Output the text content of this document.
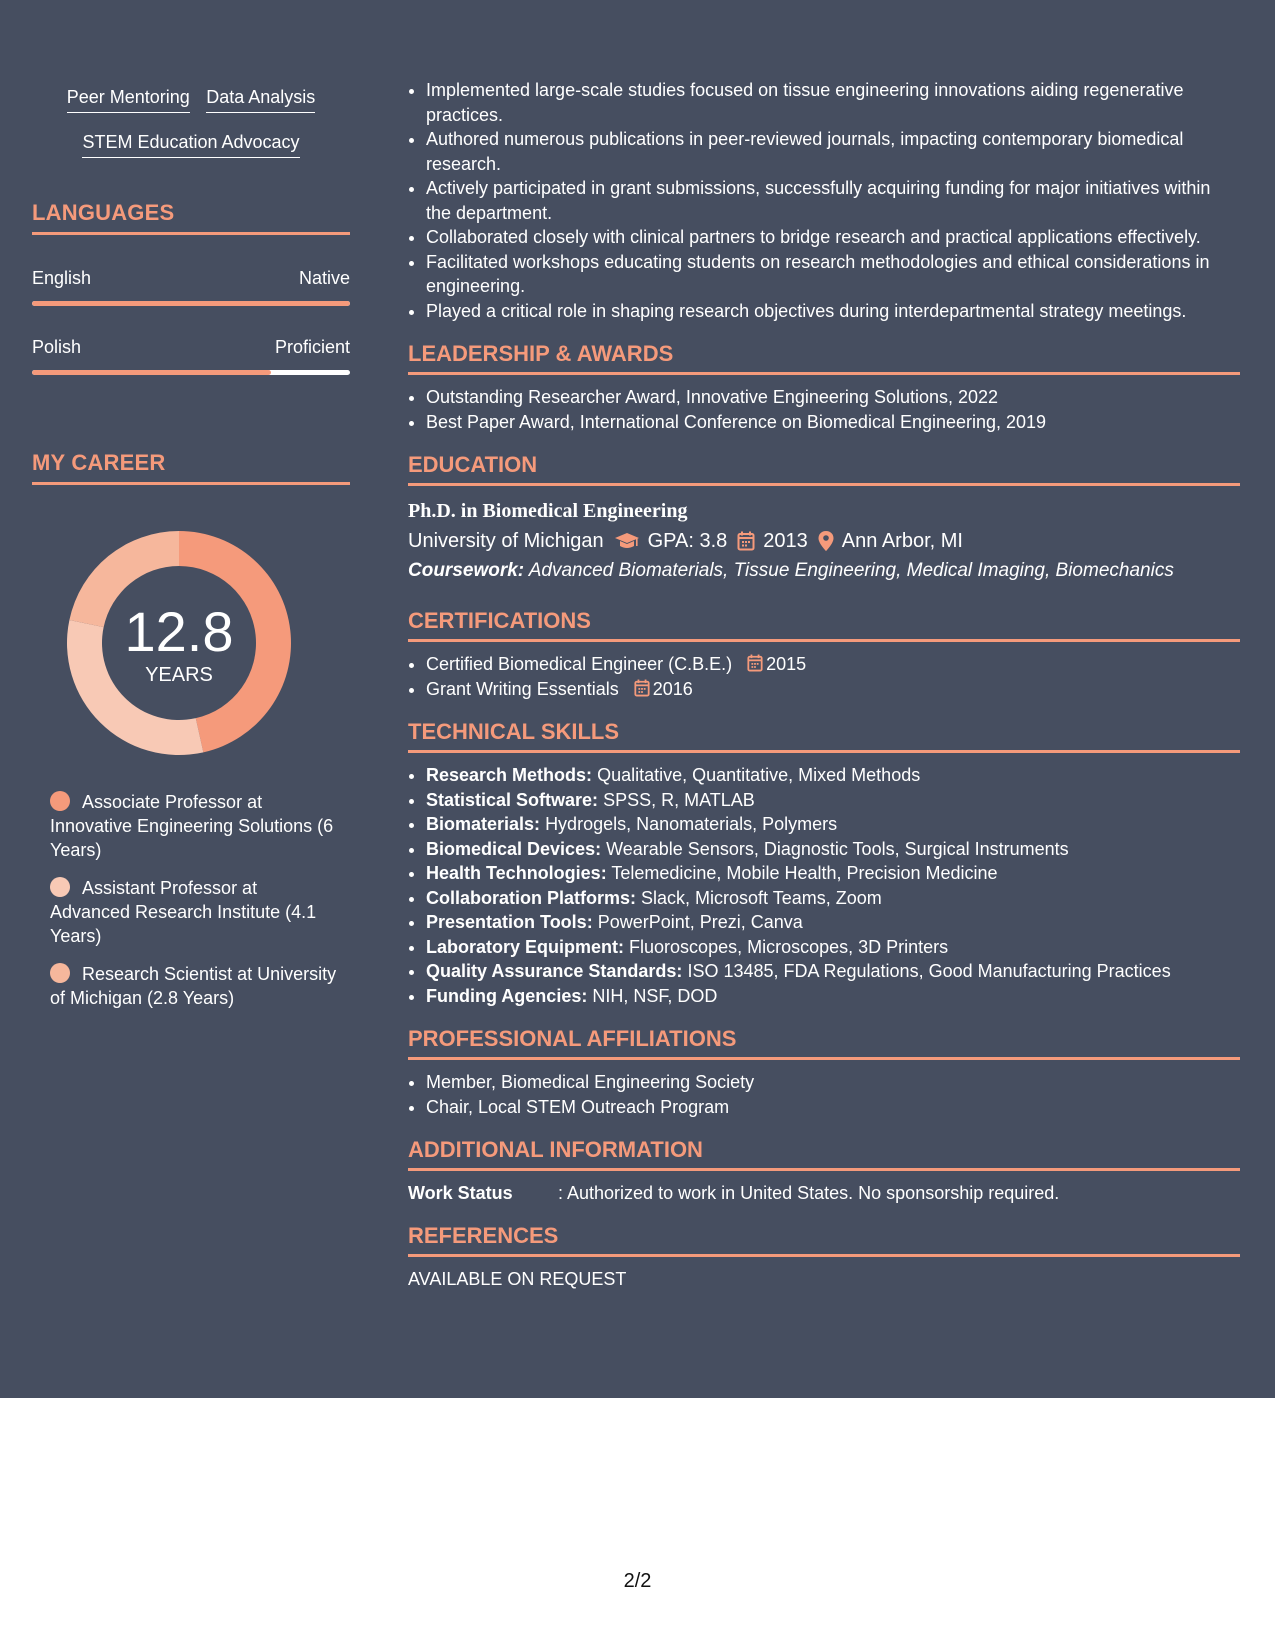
Peer Mentoring Data Analysis
STEM Education Advocacy
LANGUAGES
English	Native
Polish	Proficient
MY CAREER
12.8
YEARS
Associate Professor at Innovative Engineering Solutions (6 Years)
Assistant Professor at Advanced Research Institute (4.1 Years)
Research Scientist at University of Michigan (2.8 Years)
• Implemented large-scale studies focused on tissue engineering innovations aiding regenerative practices.
• Authored numerous publications in peer-reviewed journals, impacting contemporary biomedical research.
• Actively participated in grant submissions, successfully acquiring funding for major initiatives within the department.
• Collaborated closely with clinical partners to bridge research and practical applications effectively.
• Facilitated workshops educating students on research methodologies and ethical considerations in engineering.
• Played a critical role in shaping research objectives during interdepartmental strategy meetings.
LEADERSHIP & AWARDS
• Outstanding Researcher Award, Innovative Engineering Solutions, 2022
• Best Paper Award, International Conference on Biomedical Engineering, 2019
EDUCATION
Ph.D. in Biomedical Engineering
University of Michigan GPA: 3.8 2013 Ann Arbor, MI
Coursework: Advanced Biomaterials, Tissue Engineering, Medical Imaging, Biomechanics
CERTIFICATIONS
• Certified Biomedical Engineer (C.B.E.) 2015
• Grant Writing Essentials 2016
TECHNICAL SKILLS
• Research Methods: Qualitative, Quantitative, Mixed Methods
• Statistical Software: SPSS, R, MATLAB
• Biomaterials: Hydrogels, Nanomaterials, Polymers
• Biomedical Devices: Wearable Sensors, Diagnostic Tools, Surgical Instruments
• Health Technologies: Telemedicine, Mobile Health, Precision Medicine
• Collaboration Platforms: Slack, Microsoft Teams, Zoom
• Presentation Tools: PowerPoint, Prezi, Canva
• Laboratory Equipment: Fluoroscopes, Microscopes, 3D Printers
• Quality Assurance Standards: ISO 13485, FDA Regulations, Good Manufacturing Practices
• Funding Agencies: NIH, NSF, DOD
PROFESSIONAL AFFILIATIONS
• Member, Biomedical Engineering Society
• Chair, Local STEM Outreach Program
ADDITIONAL INFORMATION
Work Status	: Authorized to work in United States. No sponsorship required.
REFERENCES
AVAILABLE ON REQUEST
2/2
